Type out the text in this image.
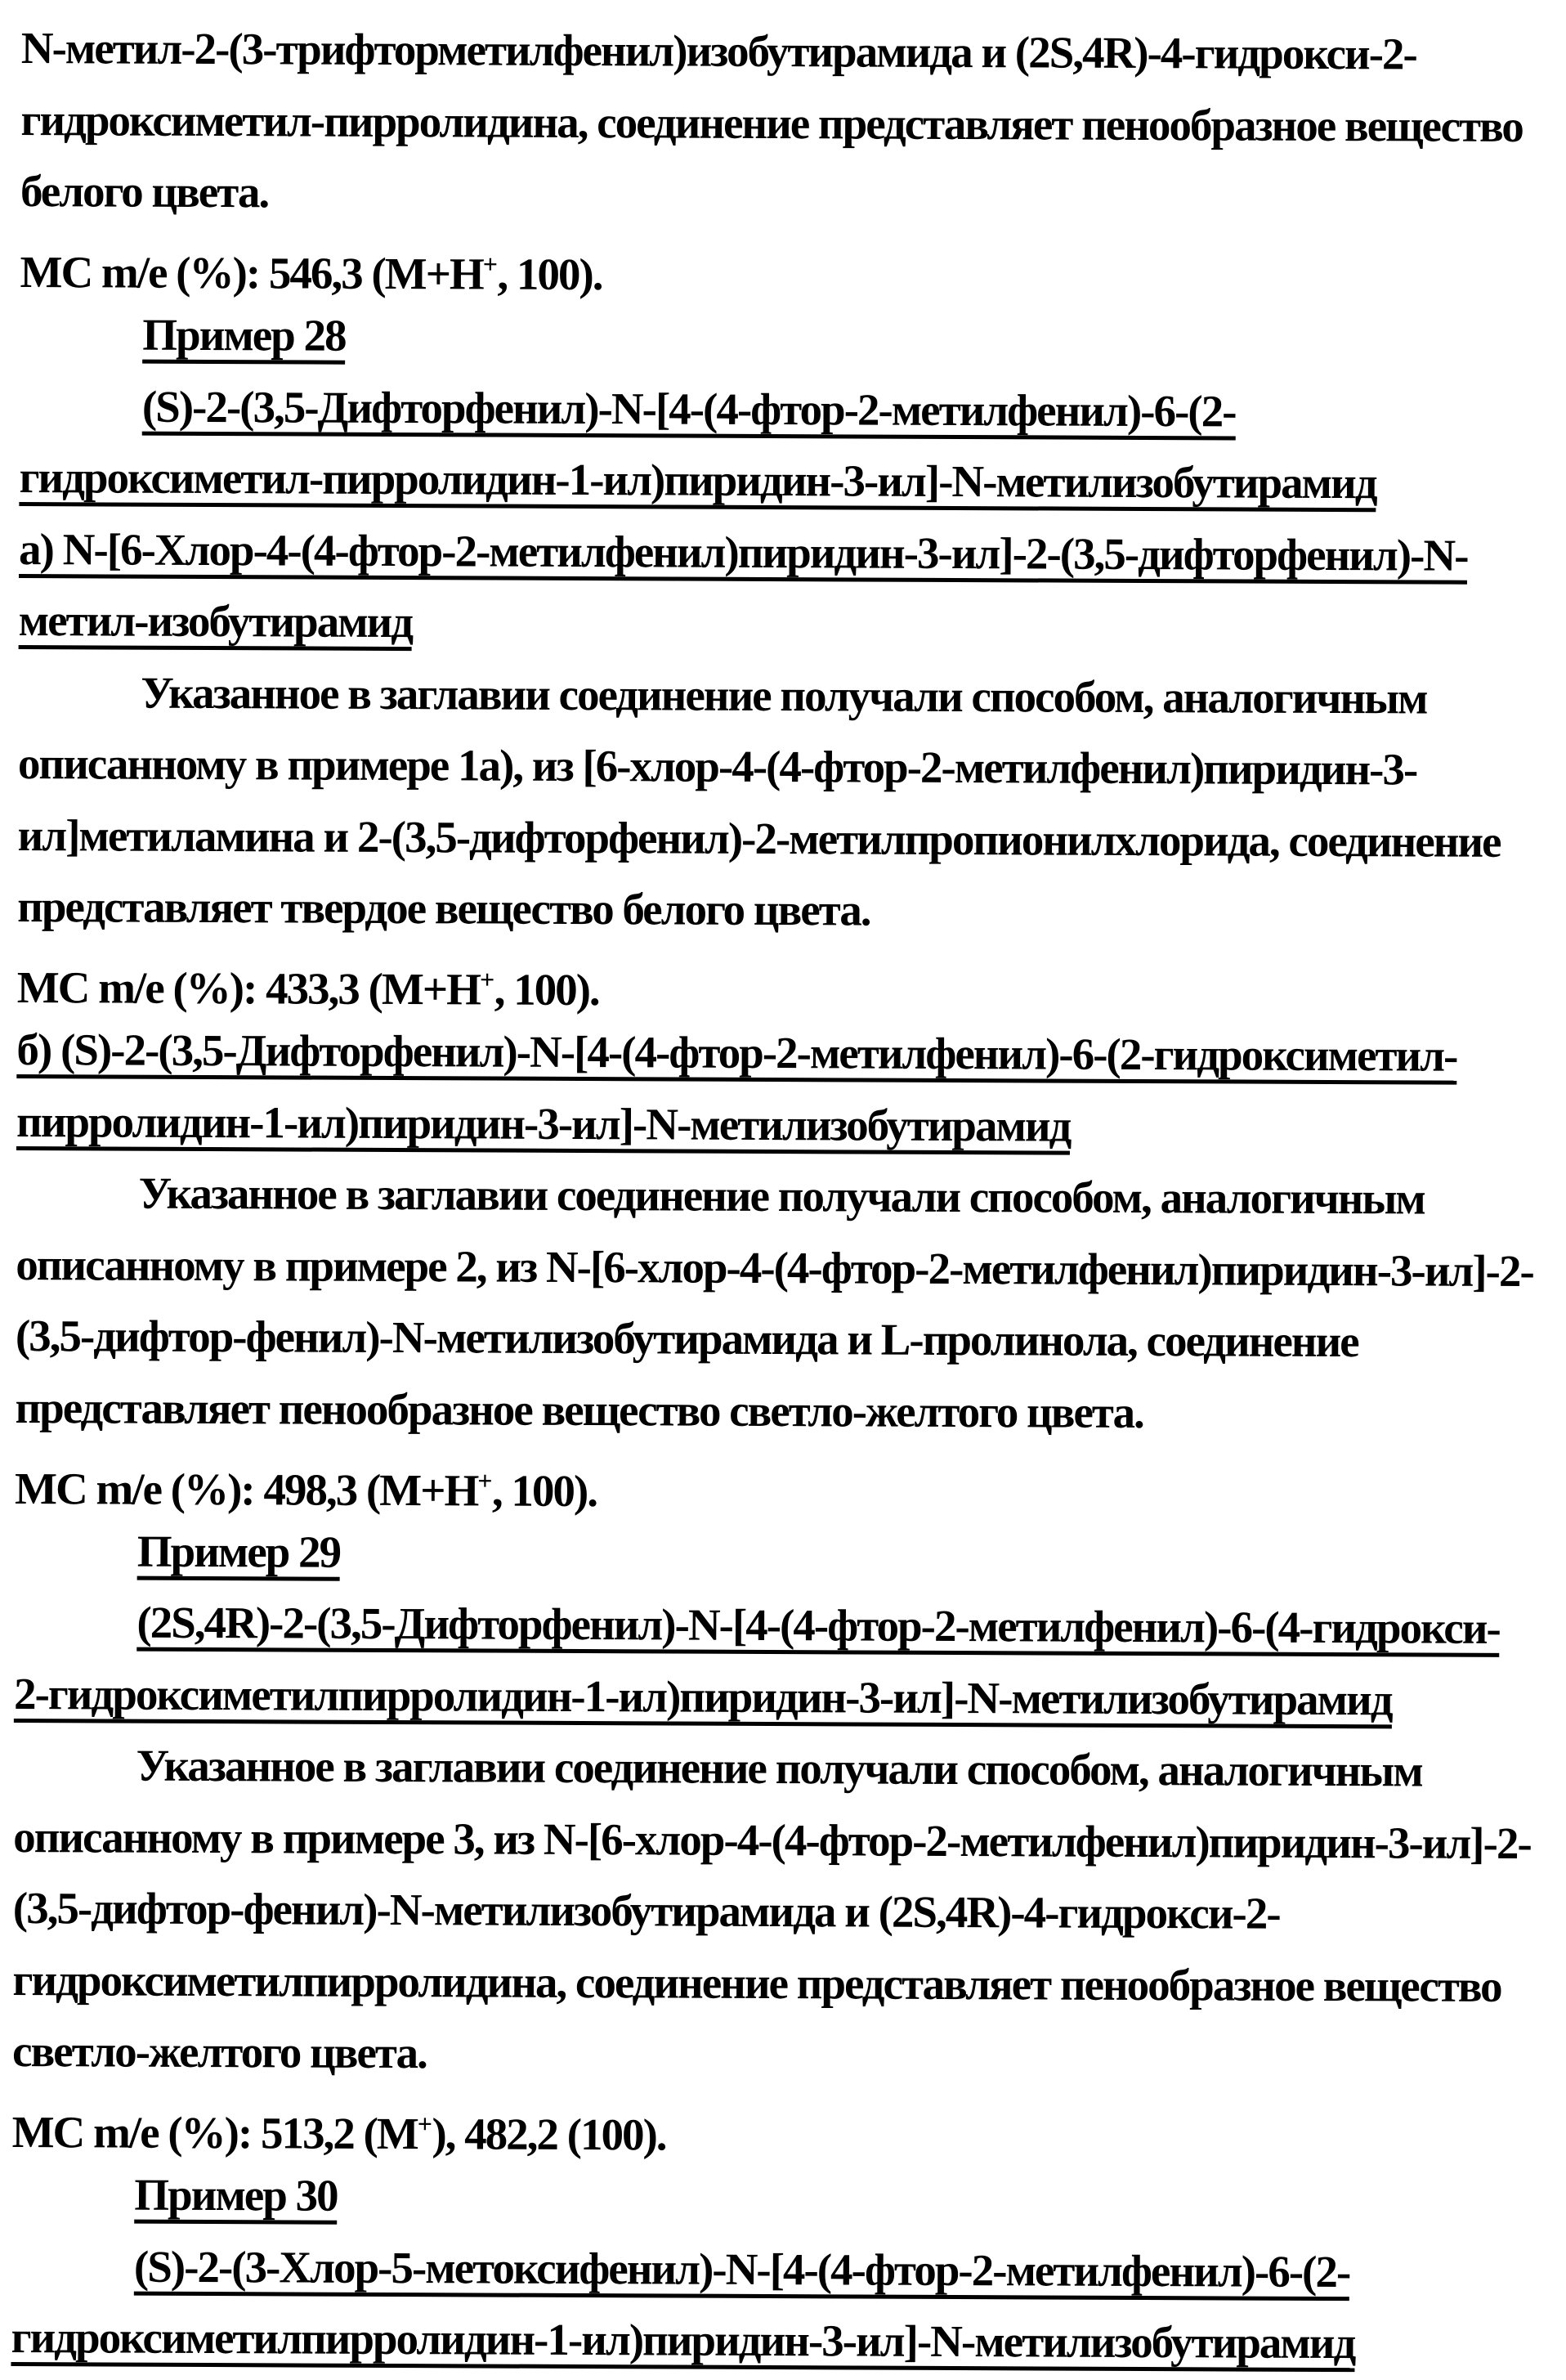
N-метил-2-(3-трифторметилфенил)изобутирамида и (2S,4R)-4-гидрокси-2-
гидроксиметил-пирролидина, соединение представляет пенообразное вещество
белого цвета.
МС m/e (%): 546,3 (М+Н+, 100).
Пример 28
(S)-2-(3,5-Дифторфенил)-N-[4-(4-фтор-2-метилфенил)-6-(2-
гидроксиметил-пирролидин-1-ил)пиридин-3-ил]-N-метилизобутирамид
а) N-[6-Хлор-4-(4-фтор-2-метилфенил)пиридин-3-ил]-2-(3,5-дифторфенил)-N-
метил-изобутирамид
Указанное в заглавии соединение получали способом, аналогичным
описанному в примере 1а), из [6-хлор-4-(4-фтор-2-метилфенил)пиридин-3-
ил]метиламина и 2-(3,5-дифторфенил)-2-метилпропионилхлорида, соединение
представляет твердое вещество белого цвета.
МС m/e (%): 433,3 (М+Н+, 100).
б) (S)-2-(3,5-Дифторфенил)-N-[4-(4-фтор-2-метилфенил)-6-(2-гидроксиметил-
пирролидин-1-ил)пиридин-3-ил]-N-метилизобутирамид
Указанное в заглавии соединение получали способом, аналогичным
описанному в примере 2, из N-[6-хлор-4-(4-фтор-2-метилфенил)пиридин-3-ил]-2-
(3,5-дифтор-фенил)-N-метилизобутирамида и L-пролинола, соединение
представляет пенообразное вещество светло-желтого цвета.
МС m/e (%): 498,3 (М+Н+, 100).
Пример 29
(2S,4R)-2-(3,5-Дифторфенил)-N-[4-(4-фтор-2-метилфенил)-6-(4-гидрокси-
2-гидроксиметилпирролидин-1-ил)пиридин-3-ил]-N-метилизобутирамид
Указанное в заглавии соединение получали способом, аналогичным
описанному в примере 3, из N-[6-хлор-4-(4-фтор-2-метилфенил)пиридин-3-ил]-2-
(3,5-дифтор-фенил)-N-метилизобутирамида и (2S,4R)-4-гидрокси-2-
гидроксиметилпирролидина, соединение представляет пенообразное вещество
светло-желтого цвета.
МС m/e (%): 513,2 (М+), 482,2 (100).
Пример 30
(S)-2-(3-Хлор-5-метоксифенил)-N-[4-(4-фтор-2-метилфенил)-6-(2-
гидроксиметилпирролидин-1-ил)пиридин-3-ил]-N-метилизобутирамид
